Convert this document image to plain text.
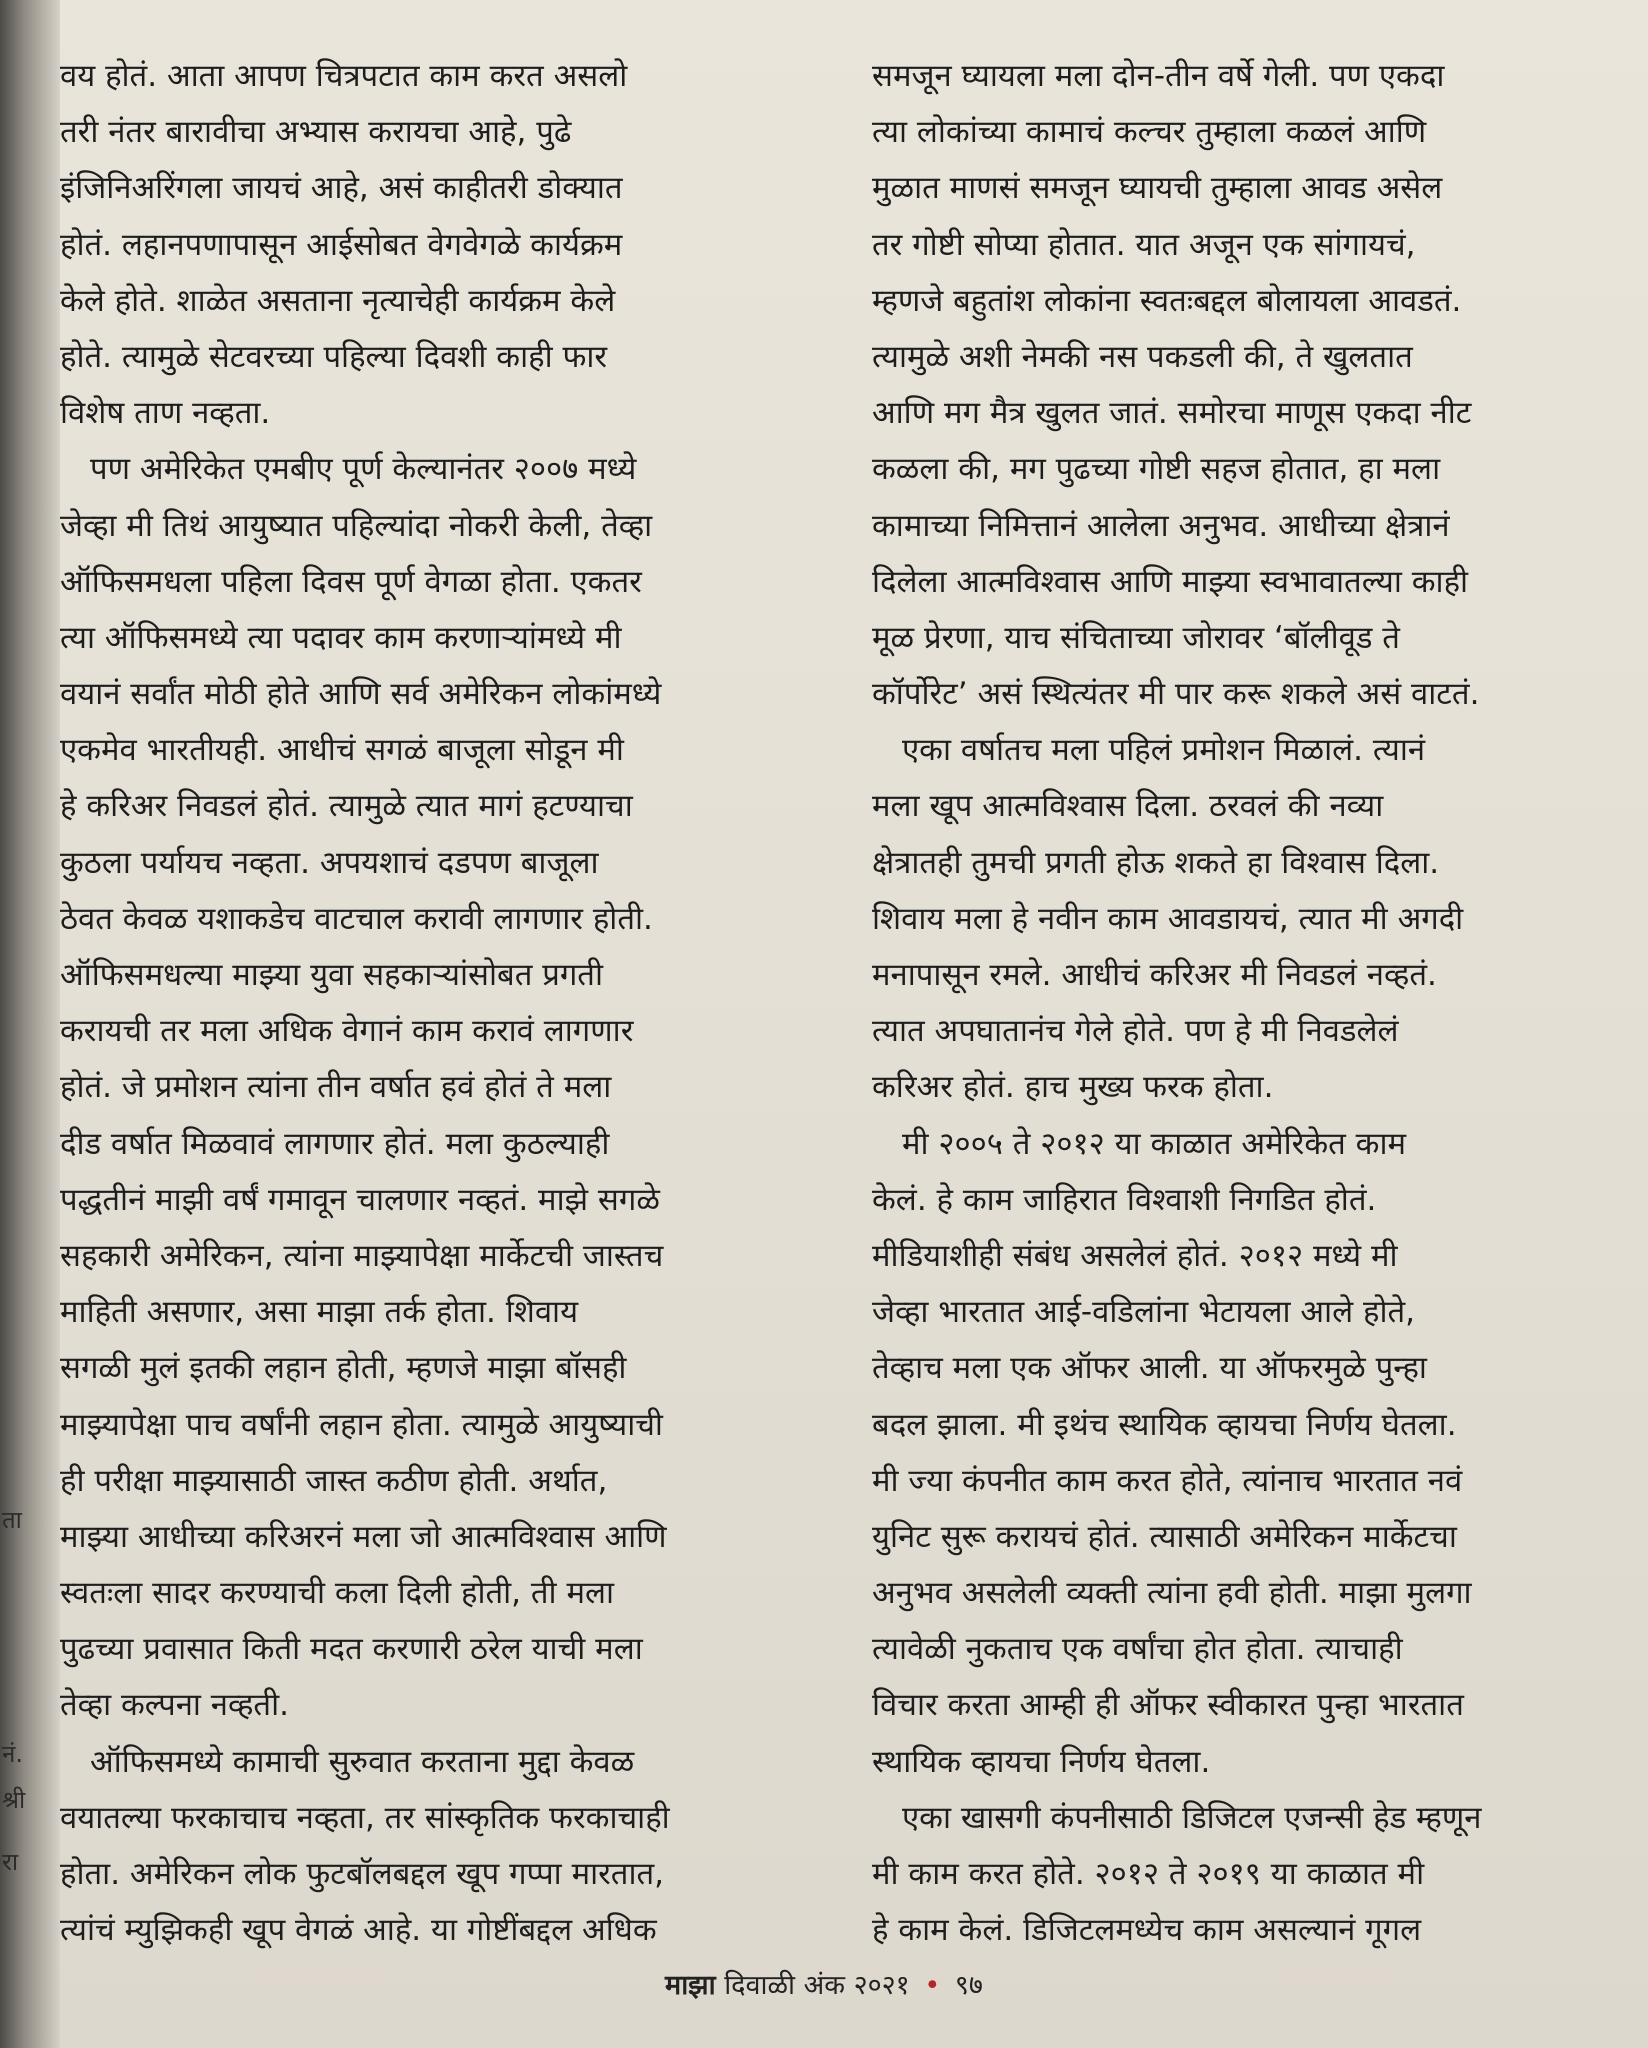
ता
नं.
श्री
रा
वय होतं. आता आपण चित्रपटात काम करत असलो
तरी नंतर बारावीचा अभ्यास करायचा आहे, पुढे
इंजिनिअरिंगला जायचं आहे, असं काहीतरी डोक्यात
होतं. लहानपणापासून आईसोबत वेगवेगळे कार्यक्रम
केले होते. शाळेत असताना नृत्याचेही कार्यक्रम केले
होते. त्यामुळे सेटवरच्या पहिल्या दिवशी काही फार
विशेष ताण नव्हता.
पण अमेरिकेत एमबीए पूर्ण केल्यानंतर २००७ मध्ये
जेव्हा मी तिथं आयुष्यात पहिल्यांदा नोकरी केली, तेव्हा
ऑफिसमधला पहिला दिवस पूर्ण वेगळा होता. एकतर
त्या ऑफिसमध्ये त्या पदावर काम करणाऱ्यांमध्ये मी
वयानं सर्वांत मोठी होते आणि सर्व अमेरिकन लोकांमध्ये
एकमेव भारतीयही. आधीचं सगळं बाजूला सोडून मी
हे करिअर निवडलं होतं. त्यामुळे त्यात मागं हटण्याचा
कुठला पर्यायच नव्हता. अपयशाचं दडपण बाजूला
ठेवत केवळ यशाकडेच वाटचाल करावी लागणार होती.
ऑफिसमधल्या माझ्या युवा सहकाऱ्यांसोबत प्रगती
करायची तर मला अधिक वेगानं काम करावं लागणार
होतं. जे प्रमोशन त्यांना तीन वर्षात हवं होतं ते मला
दीड वर्षात मिळवावं लागणार होतं. मला कुठल्याही
पद्धतीनं माझी वर्षं गमावून चालणार नव्हतं. माझे सगळे
सहकारी अमेरिकन, त्यांना माझ्यापेक्षा मार्केटची जास्तच
माहिती असणार, असा माझा तर्क होता. शिवाय
सगळी मुलं इतकी लहान होती, म्हणजे माझा बॉसही
माझ्यापेक्षा पाच वर्षांनी लहान होता. त्यामुळे आयुष्याची
ही परीक्षा माझ्यासाठी जास्त कठीण होती. अर्थात,
माझ्या आधीच्या करिअरनं मला जो आत्मविश्वास आणि
स्वतःला सादर करण्याची कला दिली होती, ती मला
पुढच्या प्रवासात किती मदत करणारी ठरेल याची मला
तेव्हा कल्पना नव्हती.
ऑफिसमध्ये कामाची सुरुवात करताना मुद्दा केवळ
वयातल्या फरकाचाच नव्हता, तर सांस्कृतिक फरकाचाही
होता. अमेरिकन लोक फुटबॉलबद्दल खूप गप्पा मारतात,
त्यांचं म्युझिकही खूप वेगळं आहे. या गोष्टींबद्दल अधिक
समजून घ्यायला मला दोन-तीन वर्षे गेली. पण एकदा
त्या लोकांच्या कामाचं कल्चर तुम्हाला कळलं आणि
मुळात माणसं समजून घ्यायची तुम्हाला आवड असेल
तर गोष्टी सोप्या होतात. यात अजून एक सांगायचं,
म्हणजे बहुतांश लोकांना स्वतःबद्दल बोलायला आवडतं.
त्यामुळे अशी नेमकी नस पकडली की, ते खुलतात
आणि मग मैत्र खुलत जातं. समोरचा माणूस एकदा नीट
कळला की, मग पुढच्या गोष्टी सहज होतात, हा मला
कामाच्या निमित्तानं आलेला अनुभव. आधीच्या क्षेत्रानं
दिलेला आत्मविश्वास आणि माझ्या स्वभावातल्या काही
मूळ प्रेरणा, याच संचिताच्या जोरावर ‘बॉलीवूड ते
कॉर्पोरेट’ असं स्थित्यंतर मी पार करू शकले असं वाटतं.
एका वर्षातच मला पहिलं प्रमोशन मिळालं. त्यानं
मला खूप आत्मविश्वास दिला. ठरवलं की नव्या
क्षेत्रातही तुमची प्रगती होऊ शकते हा विश्वास दिला.
शिवाय मला हे नवीन काम आवडायचं, त्यात मी अगदी
मनापासून रमले. आधीचं करिअर मी निवडलं नव्हतं.
त्यात अपघातानंच गेले होते. पण हे मी निवडलेलं
करिअर होतं. हाच मुख्य फरक होता.
मी २००५ ते २०१२ या काळात अमेरिकेत काम
केलं. हे काम जाहिरात विश्वाशी निगडित होतं.
मीडियाशीही संबंध असलेलं होतं. २०१२ मध्ये मी
जेव्हा भारतात आई-वडिलांना भेटायला आले होते,
तेव्हाच मला एक ऑफर आली. या ऑफरमुळे पुन्हा
बदल झाला. मी इथंच स्थायिक व्हायचा निर्णय घेतला.
मी ज्या कंपनीत काम करत होते, त्यांनाच भारतात नवं
युनिट सुरू करायचं होतं. त्यासाठी अमेरिकन मार्केटचा
अनुभव असलेली व्यक्ती त्यांना हवी होती. माझा मुलगा
त्यावेळी नुकताच एक वर्षांचा होत होता. त्याचाही
विचार करता आम्ही ही ऑफर स्वीकारत पुन्हा भारतात
स्थायिक व्हायचा निर्णय घेतला.
एका खासगी कंपनीसाठी डिजिटल एजन्सी हेड म्हणून
मी काम करत होते. २०१२ ते २०१९ या काळात मी
हे काम केलं. डिजिटलमध्येच काम असल्यानं गूगल
माझा दिवाळी अंक २०२१ • ९७
